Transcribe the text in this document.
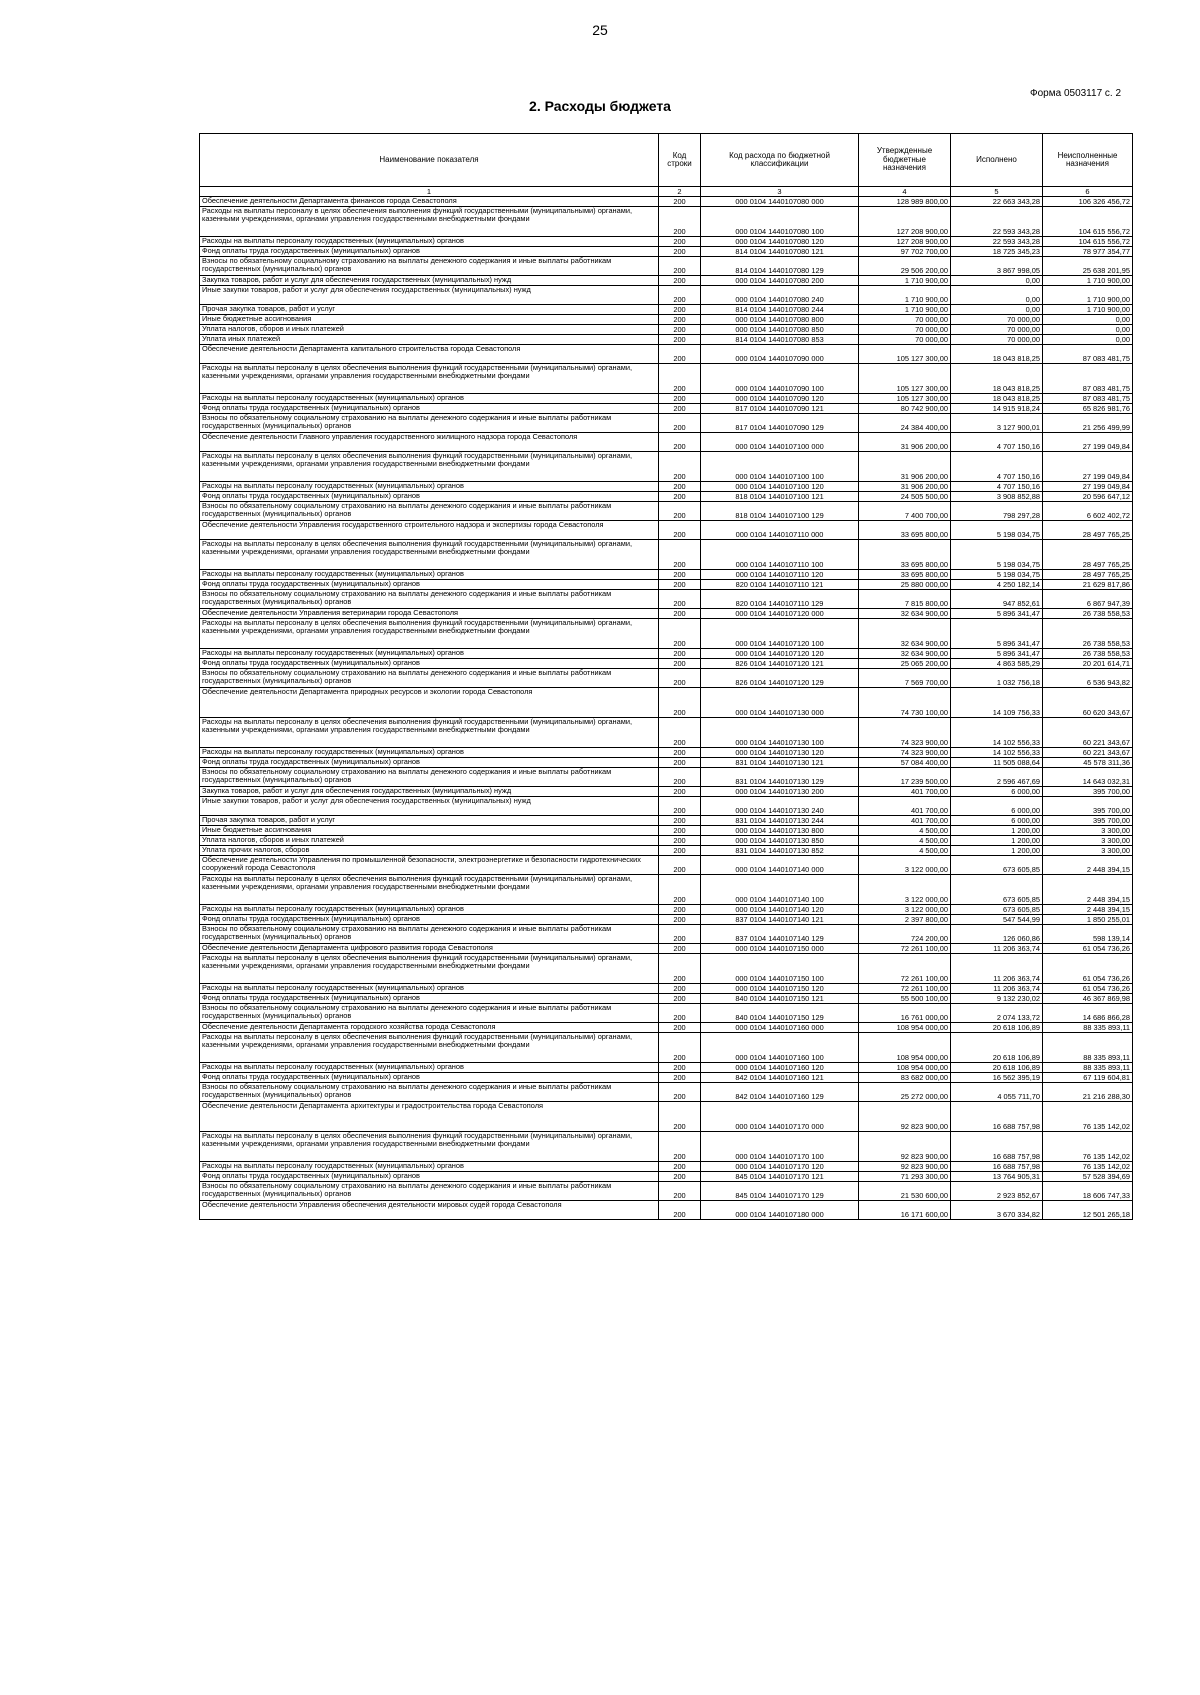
25
Форма 0503117 с. 2
2. Расходы бюджета
Наименование показателя	Код строки	Код расхода по бюджетной классификации	Утвержденные бюджетные назначения	Исполнено	Неисполненные назначения
1	2	3	4	5	6
Обеспечение деятельности Департамента финансов города Севастополя	200	000 0104 1440107080 000	128 989 800,00	22 663 343,28	106 326 456,72
Расходы на выплаты персоналу в целях обеспечения выполнения функций государственными (муниципальными) органами, казенными учреждениями, органами управления государственными внебюджетными фондами	200	000 0104 1440107080 100	127 208 900,00	22 593 343,28	104 615 556,72
Расходы на выплаты персоналу государственных (муниципальных) органов	200	000 0104 1440107080 120	127 208 900,00	22 593 343,28	104 615 556,72
Фонд оплаты труда государственных (муниципальных) органов	200	814 0104 1440107080 121	97 702 700,00	18 725 345,23	78 977 354,77
Взносы по обязательному социальному страхованию на выплаты денежного содержания и иные выплаты работникам государственных (муниципальных) органов	200	814 0104 1440107080 129	29 506 200,00	3 867 998,05	25 638 201,95
Закупка товаров, работ и услуг для обеспечения государственных (муниципальных) нужд	200	000 0104 1440107080 200	1 710 900,00	0,00	1 710 900,00
Иные закупки товаров, работ и услуг для обеспечения государственных (муниципальных) нужд	200	000 0104 1440107080 240	1 710 900,00	0,00	1 710 900,00
Прочая закупка товаров, работ и услуг	200	814 0104 1440107080 244	1 710 900,00	0,00	1 710 900,00
Иные бюджетные ассигнования	200	000 0104 1440107080 800	70 000,00	70 000,00	0,00
Уплата налогов, сборов и иных платежей	200	000 0104 1440107080 850	70 000,00	70 000,00	0,00
Уплата иных платежей	200	814 0104 1440107080 853	70 000,00	70 000,00	0,00
Обеспечение деятельности Департамента капитального строительства города Севастополя	200	000 0104 1440107090 000	105 127 300,00	18 043 818,25	87 083 481,75
Расходы на выплаты персоналу в целях обеспечения выполнения функций государственными (муниципальными) органами, казенными учреждениями, органами управления государственными внебюджетными фондами	200	000 0104 1440107090 100	105 127 300,00	18 043 818,25	87 083 481,75
Расходы на выплаты персоналу государственных (муниципальных) органов	200	000 0104 1440107090 120	105 127 300,00	18 043 818,25	87 083 481,75
Фонд оплаты труда государственных (муниципальных) органов	200	817 0104 1440107090 121	80 742 900,00	14 915 918,24	65 826 981,76
Взносы по обязательному социальному страхованию на выплаты денежного содержания и иные выплаты работникам государственных (муниципальных) органов	200	817 0104 1440107090 129	24 384 400,00	3 127 900,01	21 256 499,99
Обеспечение деятельности Главного управления государственного жилищного надзора города Севастополя	200	000 0104 1440107100 000	31 906 200,00	4 707 150,16	27 199 049,84
Расходы на выплаты персоналу в целях обеспечения выполнения функций государственными (муниципальными) органами, казенными учреждениями, органами управления государственными внебюджетными фондами	200	000 0104 1440107100 100	31 906 200,00	4 707 150,16	27 199 049,84
Расходы на выплаты персоналу государственных (муниципальных) органов	200	000 0104 1440107100 120	31 906 200,00	4 707 150,16	27 199 049,84
Фонд оплаты труда государственных (муниципальных) органов	200	818 0104 1440107100 121	24 505 500,00	3 908 852,88	20 596 647,12
Взносы по обязательному социальному страхованию на выплаты денежного содержания и иные выплаты работникам государственных (муниципальных) органов	200	818 0104 1440107100 129	7 400 700,00	798 297,28	6 602 402,72
Обеспечение деятельности Управления государственного строительного надзора и экспертизы города Севастополя	200	000 0104 1440107110 000	33 695 800,00	5 198 034,75	28 497 765,25
Расходы на выплаты персоналу в целях обеспечения выполнения функций государственными (муниципальными) органами, казенными учреждениями, органами управления государственными внебюджетными фондами	200	000 0104 1440107110 100	33 695 800,00	5 198 034,75	28 497 765,25
Расходы на выплаты персоналу государственных (муниципальных) органов	200	000 0104 1440107110 120	33 695 800,00	5 198 034,75	28 497 765,25
Фонд оплаты труда государственных (муниципальных) органов	200	820 0104 1440107110 121	25 880 000,00	4 250 182,14	21 629 817,86
Взносы по обязательному социальному страхованию на выплаты денежного содержания и иные выплаты работникам государственных (муниципальных) органов	200	820 0104 1440107110 129	7 815 800,00	947 852,61	6 867 947,39
Обеспечение деятельности Управления ветеринарии города Севастополя	200	000 0104 1440107120 000	32 634 900,00	5 896 341,47	26 738 558,53
Расходы на выплаты персоналу в целях обеспечения выполнения функций государственными (муниципальными) органами, казенными учреждениями, органами управления государственными внебюджетными фондами	200	000 0104 1440107120 100	32 634 900,00	5 896 341,47	26 738 558,53
Расходы на выплаты персоналу государственных (муниципальных) органов	200	000 0104 1440107120 120	32 634 900,00	5 896 341,47	26 738 558,53
Фонд оплаты труда государственных (муниципальных) органов	200	826 0104 1440107120 121	25 065 200,00	4 863 585,29	20 201 614,71
Взносы по обязательному социальному страхованию на выплаты денежного содержания и иные выплаты работникам государственных (муниципальных) органов	200	826 0104 1440107120 129	7 569 700,00	1 032 756,18	6 536 943,82
Обеспечение деятельности Департамента природных ресурсов и экологии города Севастополя	200	000 0104 1440107130 000	74 730 100,00	14 109 756,33	60 620 343,67
Расходы на выплаты персоналу в целях обеспечения выполнения функций государственными (муниципальными) органами, казенными учреждениями, органами управления государственными внебюджетными фондами	200	000 0104 1440107130 100	74 323 900,00	14 102 556,33	60 221 343,67
Расходы на выплаты персоналу государственных (муниципальных) органов	200	000 0104 1440107130 120	74 323 900,00	14 102 556,33	60 221 343,67
Фонд оплаты труда государственных (муниципальных) органов	200	831 0104 1440107130 121	57 084 400,00	11 505 088,64	45 578 311,36
Взносы по обязательному социальному страхованию на выплаты денежного содержания и иные выплаты работникам государственных (муниципальных) органов	200	831 0104 1440107130 129	17 239 500,00	2 596 467,69	14 643 032,31
Закупка товаров, работ и услуг для обеспечения государственных (муниципальных) нужд	200	000 0104 1440107130 200	401 700,00	6 000,00	395 700,00
Иные закупки товаров, работ и услуг для обеспечения государственных (муниципальных) нужд	200	000 0104 1440107130 240	401 700,00	6 000,00	395 700,00
Прочая закупка товаров, работ и услуг	200	831 0104 1440107130 244	401 700,00	6 000,00	395 700,00
Иные бюджетные ассигнования	200	000 0104 1440107130 800	4 500,00	1 200,00	3 300,00
Уплата налогов, сборов и иных платежей	200	000 0104 1440107130 850	4 500,00	1 200,00	3 300,00
Уплата прочих налогов, сборов	200	831 0104 1440107130 852	4 500,00	1 200,00	3 300,00
Обеспечение деятельности Управления по промышленной безопасности, электроэнергетике и безопасности гидротехнических сооружений города Севастополя	200	000 0104 1440107140 000	3 122 000,00	673 605,85	2 448 394,15
Расходы на выплаты персоналу в целях обеспечения выполнения функций государственными (муниципальными) органами, казенными учреждениями, органами управления государственными внебюджетными фондами	200	000 0104 1440107140 100	3 122 000,00	673 605,85	2 448 394,15
Расходы на выплаты персоналу государственных (муниципальных) органов	200	000 0104 1440107140 120	3 122 000,00	673 605,85	2 448 394,15
Фонд оплаты труда государственных (муниципальных) органов	200	837 0104 1440107140 121	2 397 800,00	547 544,99	1 850 255,01
Взносы по обязательному социальному страхованию на выплаты денежного содержания и иные выплаты работникам государственных (муниципальных) органов	200	837 0104 1440107140 129	724 200,00	126 060,86	598 139,14
Обеспечение деятельности Департамента цифрового развития города Севастополя	200	000 0104 1440107150 000	72 261 100,00	11 206 363,74	61 054 736,26
Расходы на выплаты персоналу в целях обеспечения выполнения функций государственными (муниципальными) органами, казенными учреждениями, органами управления государственными внебюджетными фондами	200	000 0104 1440107150 100	72 261 100,00	11 206 363,74	61 054 736,26
Расходы на выплаты персоналу государственных (муниципальных) органов	200	000 0104 1440107150 120	72 261 100,00	11 206 363,74	61 054 736,26
Фонд оплаты труда государственных (муниципальных) органов	200	840 0104 1440107150 121	55 500 100,00	9 132 230,02	46 367 869,98
Взносы по обязательному социальному страхованию на выплаты денежного содержания и иные выплаты работникам государственных (муниципальных) органов	200	840 0104 1440107150 129	16 761 000,00	2 074 133,72	14 686 866,28
Обеспечение деятельности Департамента городского хозяйства города Севастополя	200	000 0104 1440107160 000	108 954 000,00	20 618 106,89	88 335 893,11
Расходы на выплаты персоналу в целях обеспечения выполнения функций государственными (муниципальными) органами, казенными учреждениями, органами управления государственными внебюджетными фондами	200	000 0104 1440107160 100	108 954 000,00	20 618 106,89	88 335 893,11
Расходы на выплаты персоналу государственных (муниципальных) органов	200	000 0104 1440107160 120	108 954 000,00	20 618 106,89	88 335 893,11
Фонд оплаты труда государственных (муниципальных) органов	200	842 0104 1440107160 121	83 682 000,00	16 562 395,19	67 119 604,81
Взносы по обязательному социальному страхованию на выплаты денежного содержания и иные выплаты работникам государственных (муниципальных) органов	200	842 0104 1440107160 129	25 272 000,00	4 055 711,70	21 216 288,30
Обеспечение деятельности Департамента архитектуры и градостроительства города Севастополя	200	000 0104 1440107170 000	92 823 900,00	16 688 757,98	76 135 142,02
Расходы на выплаты персоналу в целях обеспечения выполнения функций государственными (муниципальными) органами, казенными учреждениями, органами управления государственными внебюджетными фондами	200	000 0104 1440107170 100	92 823 900,00	16 688 757,98	76 135 142,02
Расходы на выплаты персоналу государственных (муниципальных) органов	200	000 0104 1440107170 120	92 823 900,00	16 688 757,98	76 135 142,02
Фонд оплаты труда государственных (муниципальных) органов	200	845 0104 1440107170 121	71 293 300,00	13 764 905,31	57 528 394,69
Взносы по обязательному социальному страхованию на выплаты денежного содержания и иные выплаты работникам государственных (муниципальных) органов	200	845 0104 1440107170 129	21 530 600,00	2 923 852,67	18 606 747,33
Обеспечение деятельности Управления обеспечения деятельности мировых судей города Севастополя	200	000 0104 1440107180 000	16 171 600,00	3 670 334,82	12 501 265,18
